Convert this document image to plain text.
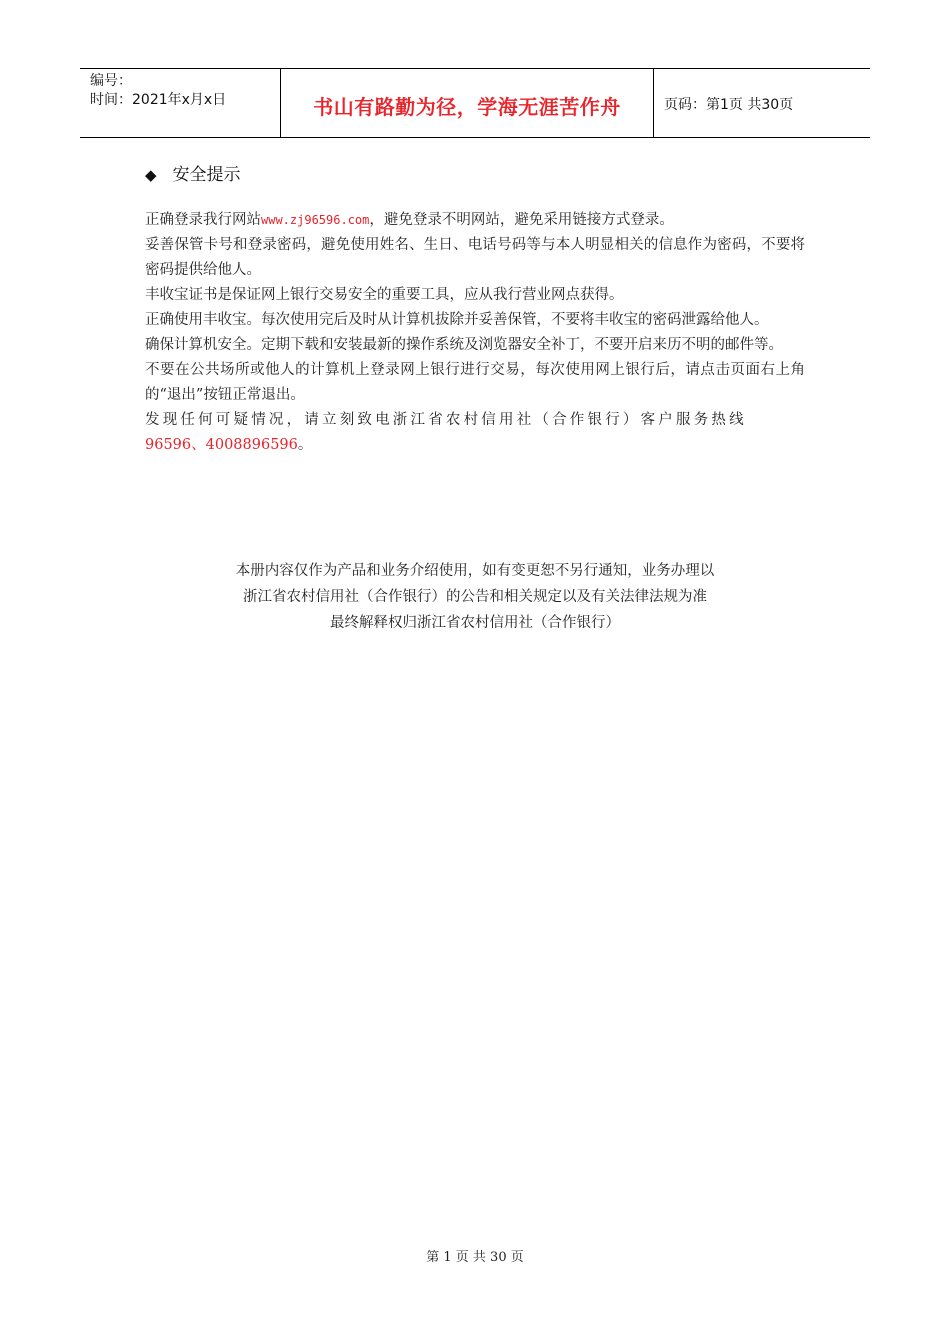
编号：
时间：2021年x月x日	书山有路勤为径，学海无涯苦作舟	页码：第1页 共30页
◆ 安全提示

正确登录我行网站www.zj96596.com，避免登录不明网站，避免采用链接方式登录。

妥善保管卡号和登录密码，避免使用姓名、生日、电话号码等与本人明显相关的信息作为密码，不要将密码提供给他人。

丰收宝证书是保证网上银行交易安全的重要工具，应从我行营业网点获得。

正确使用丰收宝。每次使用完后及时从计算机拔除并妥善保管，不要将丰收宝的密码泄露给他人。

确保计算机安全。定期下载和安装最新的操作系统及浏览器安全补丁，不要开启来历不明的邮件等。

不要在公共场所或他人的计算机上登录网上银行进行交易，每次使用网上银行后，请点击页面右上角的“退出”按钮正常退出。

发现任何可疑情况，请立刻致电浙江省农村信用社（合作银行）客户服务热线
96596、4008896596。

本册内容仅作为产品和业务介绍使用，如有变更恕不另行通知，业务办理以
浙江省农村信用社（合作银行）的公告和相关规定以及有关法律法规为准
最终解释权归浙江省农村信用社（合作银行）
第 1 页 共 30 页
